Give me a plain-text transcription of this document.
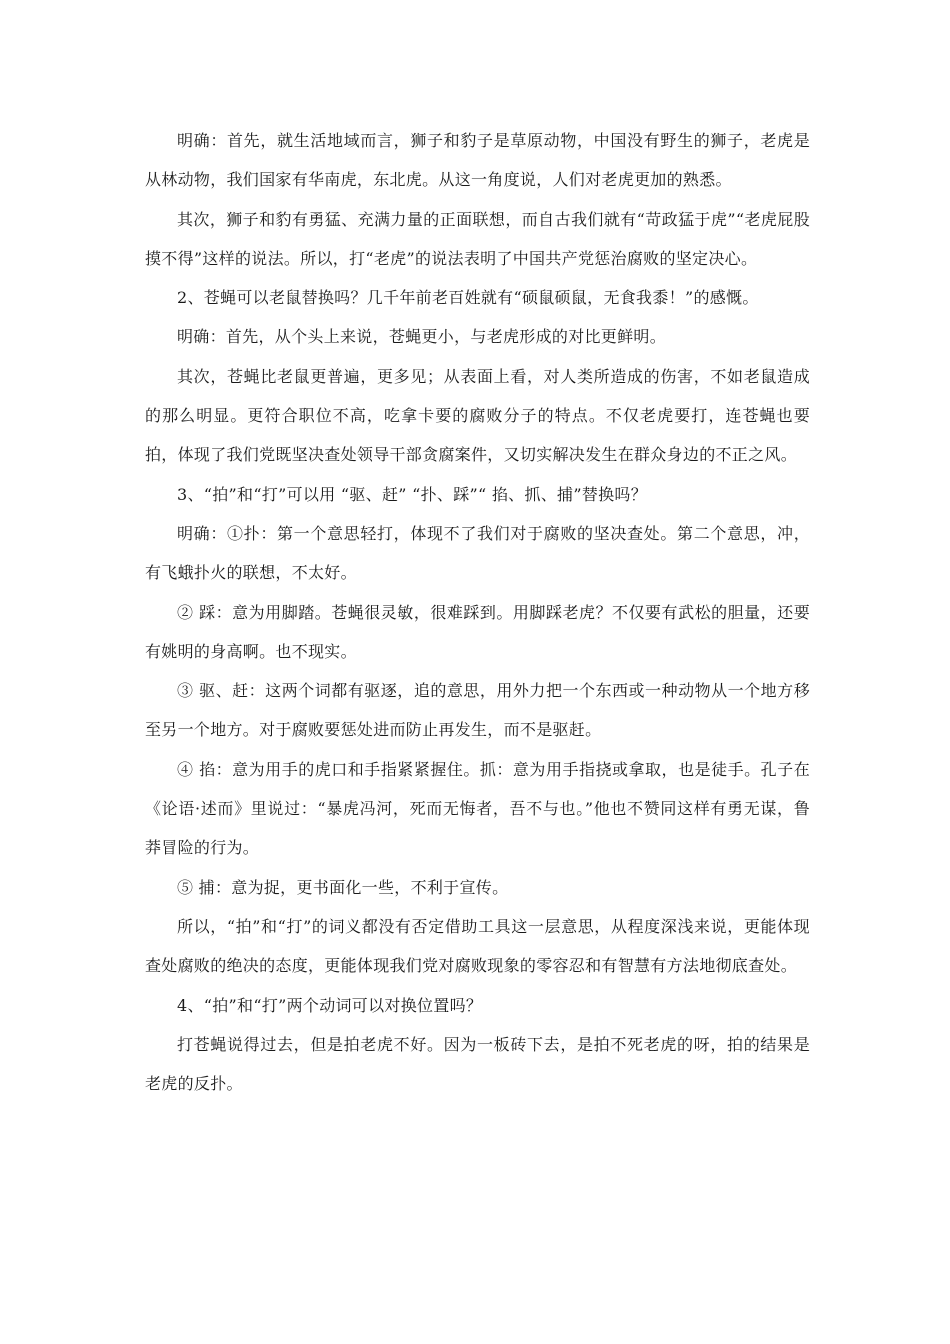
明确：首先，就生活地域而言，狮子和豹子是草原动物，中国没有野生的狮子，老虎是从林动物，我们国家有华南虎，东北虎。从这一角度说，人们对老虎更加的熟悉。

其次，狮子和豹有勇猛、充满力量的正面联想，而自古我们就有“苛政猛于虎”“老虎屁股摸不得”这样的说法。所以，打“老虎”的说法表明了中国共产党惩治腐败的坚定决心。

2、苍蝇可以老鼠替换吗？几千年前老百姓就有“硕鼠硕鼠，无食我黍！”的感慨。

明确：首先，从个头上来说，苍蝇更小，与老虎形成的对比更鲜明。

其次，苍蝇比老鼠更普遍，更多见；从表面上看，对人类所造成的伤害，不如老鼠造成的那么明显。更符合职位不高，吃拿卡要的腐败分子的特点。不仅老虎要打，连苍蝇也要拍，体现了我们党既坚决查处领导干部贪腐案件，又切实解决发生在群众身边的不正之风。

3、“拍”和“打”可以用 “驱、赶” “扑、踩”“ 掐、抓、捕”替换吗？

明确：①扑：第一个意思轻打，体现不了我们对于腐败的坚决查处。第二个意思，冲，有飞蛾扑火的联想，不太好。

② 踩：意为用脚踏。苍蝇很灵敏，很难踩到。用脚踩老虎？不仅要有武松的胆量，还要有姚明的身高啊。也不现实。

③ 驱、赶：这两个词都有驱逐，追的意思，用外力把一个东西或一种动物从一个地方移至另一个地方。对于腐败要惩处进而防止再发生，而不是驱赶。

④ 掐：意为用手的虎口和手指紧紧握住。抓：意为用手指挠或拿取，也是徒手。孔子在《论语·述而》里说过：“暴虎冯河，死而无悔者，吾不与也。”他也不赞同这样有勇无谋，鲁莽冒险的行为。

⑤ 捕：意为捉，更书面化一些，不利于宣传。

所以，“拍”和“打”的词义都没有否定借助工具这一层意思，从程度深浅来说，更能体现查处腐败的绝决的态度，更能体现我们党对腐败现象的零容忍和有智慧有方法地彻底查处。

4、“拍”和“打”两个动词可以对换位置吗？

打苍蝇说得过去，但是拍老虎不好。因为一板砖下去，是拍不死老虎的呀，拍的结果是老虎的反扑。
